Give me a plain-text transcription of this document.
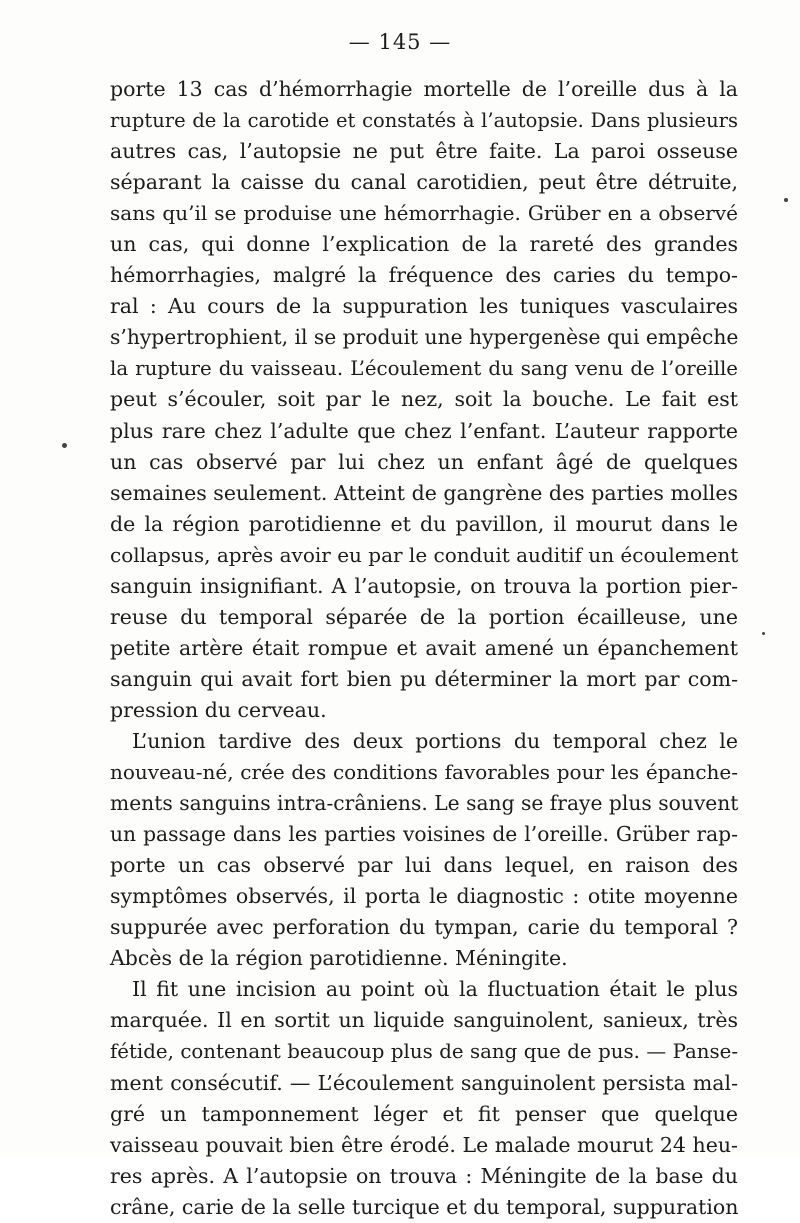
— 145 —
porte 13 cas d’hémorrhagie mortelle de l’oreille dus à la
rupture de la carotide et constatés à l’autopsie. Dans plusieurs
autres cas, l’autopsie ne put être faite. La paroi osseuse
séparant la caisse du canal carotidien, peut être détruite,
sans qu’il se produise une hémorrhagie. Grüber en a observé
un cas, qui donne l’explication de la rareté des grandes
hémorrhagies, malgré la fréquence des caries du tempo-
ral : Au cours de la suppuration les tuniques vasculaires
s’hypertrophient, il se produit une hypergenèse qui empêche
la rupture du vaisseau. L’écoulement du sang venu de l’oreille
peut s’écouler, soit par le nez, soit la bouche. Le fait est
plus rare chez l’adulte que chez l’enfant. L’auteur rapporte
un cas observé par lui chez un enfant âgé de quelques
semaines seulement. Atteint de gangrène des parties molles
de la région parotidienne et du pavillon, il mourut dans le
collapsus, après avoir eu par le conduit auditif un écoulement
sanguin insignifiant. A l’autopsie, on trouva la portion pier-
reuse du temporal séparée de la portion écailleuse, une
petite artère était rompue et avait amené un épanchement
sanguin qui avait fort bien pu déterminer la mort par com-
pression du cerveau.
L’union tardive des deux portions du temporal chez le
nouveau-né, crée des conditions favorables pour les épanche-
ments sanguins intra-crâniens. Le sang se fraye plus souvent
un passage dans les parties voisines de l’oreille. Grüber rap-
porte un cas observé par lui dans lequel, en raison des
symptômes observés, il porta le diagnostic : otite moyenne
suppurée avec perforation du tympan, carie du temporal ?
Abcès de la région parotidienne. Méningite.
Il fit une incision au point où la fluctuation était le plus
marquée. Il en sortit un liquide sanguinolent, sanieux, très
fétide, contenant beaucoup plus de sang que de pus. — Panse-
ment consécutif. — L’écoulement sanguinolent persista mal-
gré un tamponnement léger et fit penser que quelque
vaisseau pouvait bien être érodé. Le malade mourut 24 heu-
res après. A l’autopsie on trouva : Méningite de la base du
crâne, carie de la selle turcique et du temporal, suppuration
